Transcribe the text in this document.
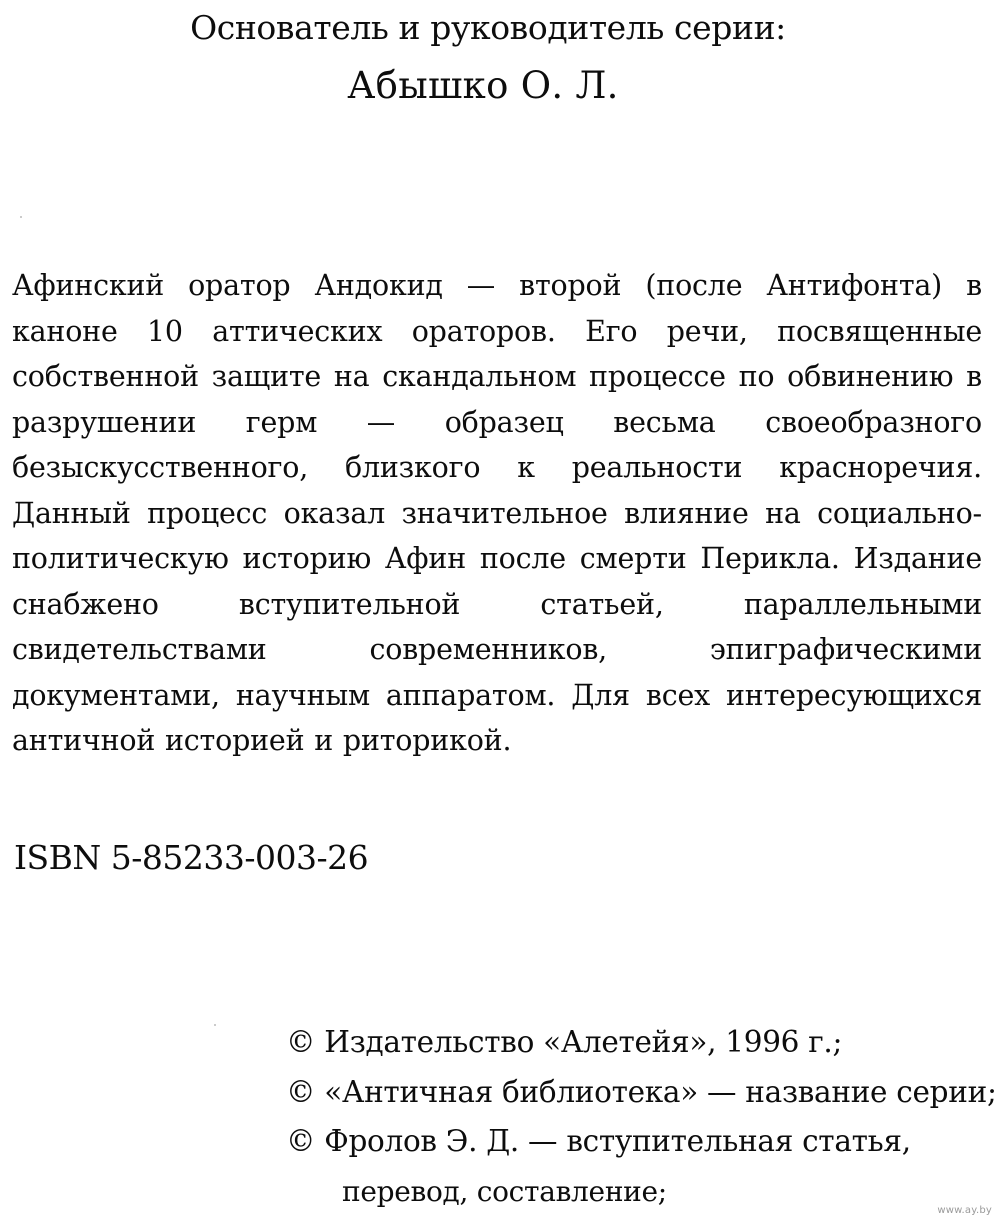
Основатель и руководитель серии:
Абышко О. Л.

Афинский оратор Андокид — второй (после Антифонта) в каноне 10 аттических ораторов. Его речи, посвященные собственной защите на скандальном процессе по обвинению в разрушении герм — образец весьма своеобразного безыскусственного, близкого к реальности красноречия. Данный процесс оказал значительное влияние на социально-политическую историю Афин после смерти Перикла. Издание снабжено вступительной статьей, параллельными свидетельствами современников, эпиграфическими документами, научным аппаратом. Для всех интересующихся античной историей и риторикой.

ISBN 5-85233-003-26
© Издательство «Алетейя», 1996 г.;
© «Античная библиотека» — название серии;
© Фролов Э. Д. — вступительная статья,
перевод, составление;
www.ay.by
